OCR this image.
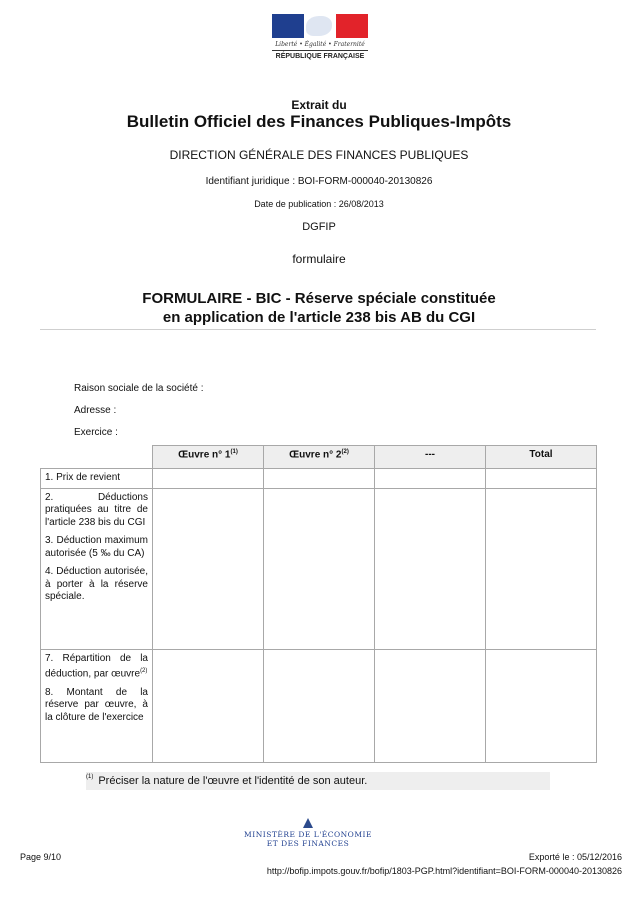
Liberté • Égalité • Fraternité
RÉPUBLIQUE FRANÇAISE
Extrait du
Bulletin Officiel des Finances Publiques-Impôts
DIRECTION GÉNÉRALE DES FINANCES PUBLIQUES
Identifiant juridique : BOI-FORM-000040-20130826
Date de publication : 26/08/2013
DGFIP
formulaire
FORMULAIRE - BIC - Réserve spéciale constituée
en application de l'article 238 bis AB du CGI
Raison sociale de la société :
Adresse :
Exercice :
	Œuvre n° 1$^{(1)}$	Œuvre n° 2$^{(2)}$	---	Total

1. Prix de revient				

2. Déductions pratiquées au titre de l'article 238 bis du CGI

3. Déduction maximum autorisée (5 ‰ du CA)

4. Déduction autorisée, à porter à la réserve spéciale.				

7. Répartition de la déduction, par œuvre$^{(2)}$

8. Montant de la réserve par œuvre, à la clôture de l'exercice				

$^{(1)}$ Préciser la nature de l'œuvre et l'identité de son auteur.
MINISTÈRE DE L'ÉCONOMIE
ET DES FINANCES
Page 9/10	Exporté le : 05/12/2016
http://bofip.impots.gouv.fr/bofip/1803-PGP.html?identifiant=BOI-FORM-000040-20130826
